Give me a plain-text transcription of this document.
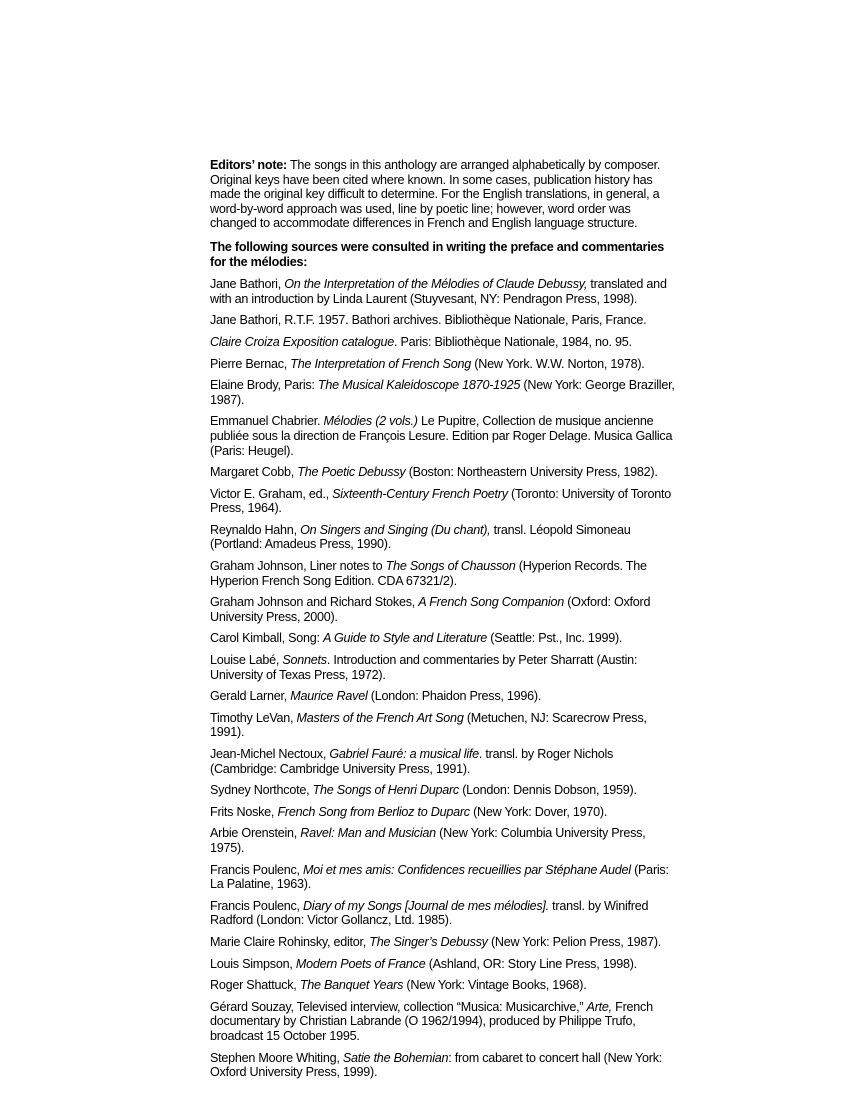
Editors’ note: The songs in this anthology are arranged alphabetically by composer. Original keys have been cited where known. In some cases, publication history has made the original key difficult to determine. For the English translations, in general, a word-by-word approach was used, line by poetic line; however, word order was changed to accommodate differences in French and English language structure.

The following sources were consulted in writing the preface and commentaries for the mélodies:

Jane Bathori, On the Interpretation of the Mélodies of Claude Debussy, translated and with an introduction by Linda Laurent (Stuyvesant, NY: Pendragon Press, 1998).

Jane Bathori, R.T.F. 1957. Bathori archives. Bibliothèque Nationale, Paris, France.

Claire Croiza Exposition catalogue. Paris: Bibliothèque Nationale, 1984, no. 95.

Pierre Bernac, The Interpretation of French Song (New York. W.W. Norton, 1978).

Elaine Brody, Paris: The Musical Kaleidoscope 1870-1925 (New York: George Braziller, 1987).

Emmanuel Chabrier. Mélodies (2 vols.) Le Pupitre, Collection de musique ancienne publiée sous la direction de François Lesure. Edition par Roger Delage. Musica Gallica (Paris: Heugel).

Margaret Cobb, The Poetic Debussy (Boston: Northeastern University Press, 1982).

Victor E. Graham, ed., Sixteenth-Century French Poetry (Toronto: University of Toronto Press, 1964).

Reynaldo Hahn, On Singers and Singing (Du chant), transl. Léopold Simoneau (Portland: Amadeus Press, 1990).

Graham Johnson, Liner notes to The Songs of Chausson (Hyperion Records. The Hyperion French Song Edition. CDA 67321/2).

Graham Johnson and Richard Stokes, A French Song Companion (Oxford: Oxford University Press, 2000).

Carol Kimball, Song: A Guide to Style and Literature (Seattle: Pst., Inc. 1999).

Louise Labé, Sonnets. Introduction and commentaries by Peter Sharratt (Austin: University of Texas Press, 1972).

Gerald Larner, Maurice Ravel (London: Phaidon Press, 1996).

Timothy LeVan, Masters of the French Art Song (Metuchen, NJ: Scarecrow Press, 1991).

Jean-Michel Nectoux, Gabriel Fauré: a musical life. transl. by Roger Nichols (Cambridge: Cambridge University Press, 1991).

Sydney Northcote, The Songs of Henri Duparc (London: Dennis Dobson, 1959).

Frits Noske, French Song from Berlioz to Duparc (New York: Dover, 1970).

Arbie Orenstein, Ravel: Man and Musician (New York: Columbia University Press, 1975).

Francis Poulenc, Moi et mes amis: Confidences recueillies par Stéphane Audel (Paris: La Palatine, 1963).

Francis Poulenc, Diary of my Songs [Journal de mes mélodies]. transl. by Winifred Radford (London: Victor Gollancz, Ltd. 1985).

Marie Claire Rohinsky, editor, The Singer’s Debussy (New York: Pelion Press, 1987).

Louis Simpson, Modern Poets of France (Ashland, OR: Story Line Press, 1998).

Roger Shattuck, The Banquet Years (New York: Vintage Books, 1968).

Gérard Souzay, Televised interview, collection “Musica: Musicarchive,” Arte, French documentary by Christian Labrande (O 1962/1994), produced by Philippe Trufo, broadcast 15 October 1995.

Stephen Moore Whiting, Satie the Bohemian: from cabaret to concert hall (New York: Oxford University Press, 1999).
